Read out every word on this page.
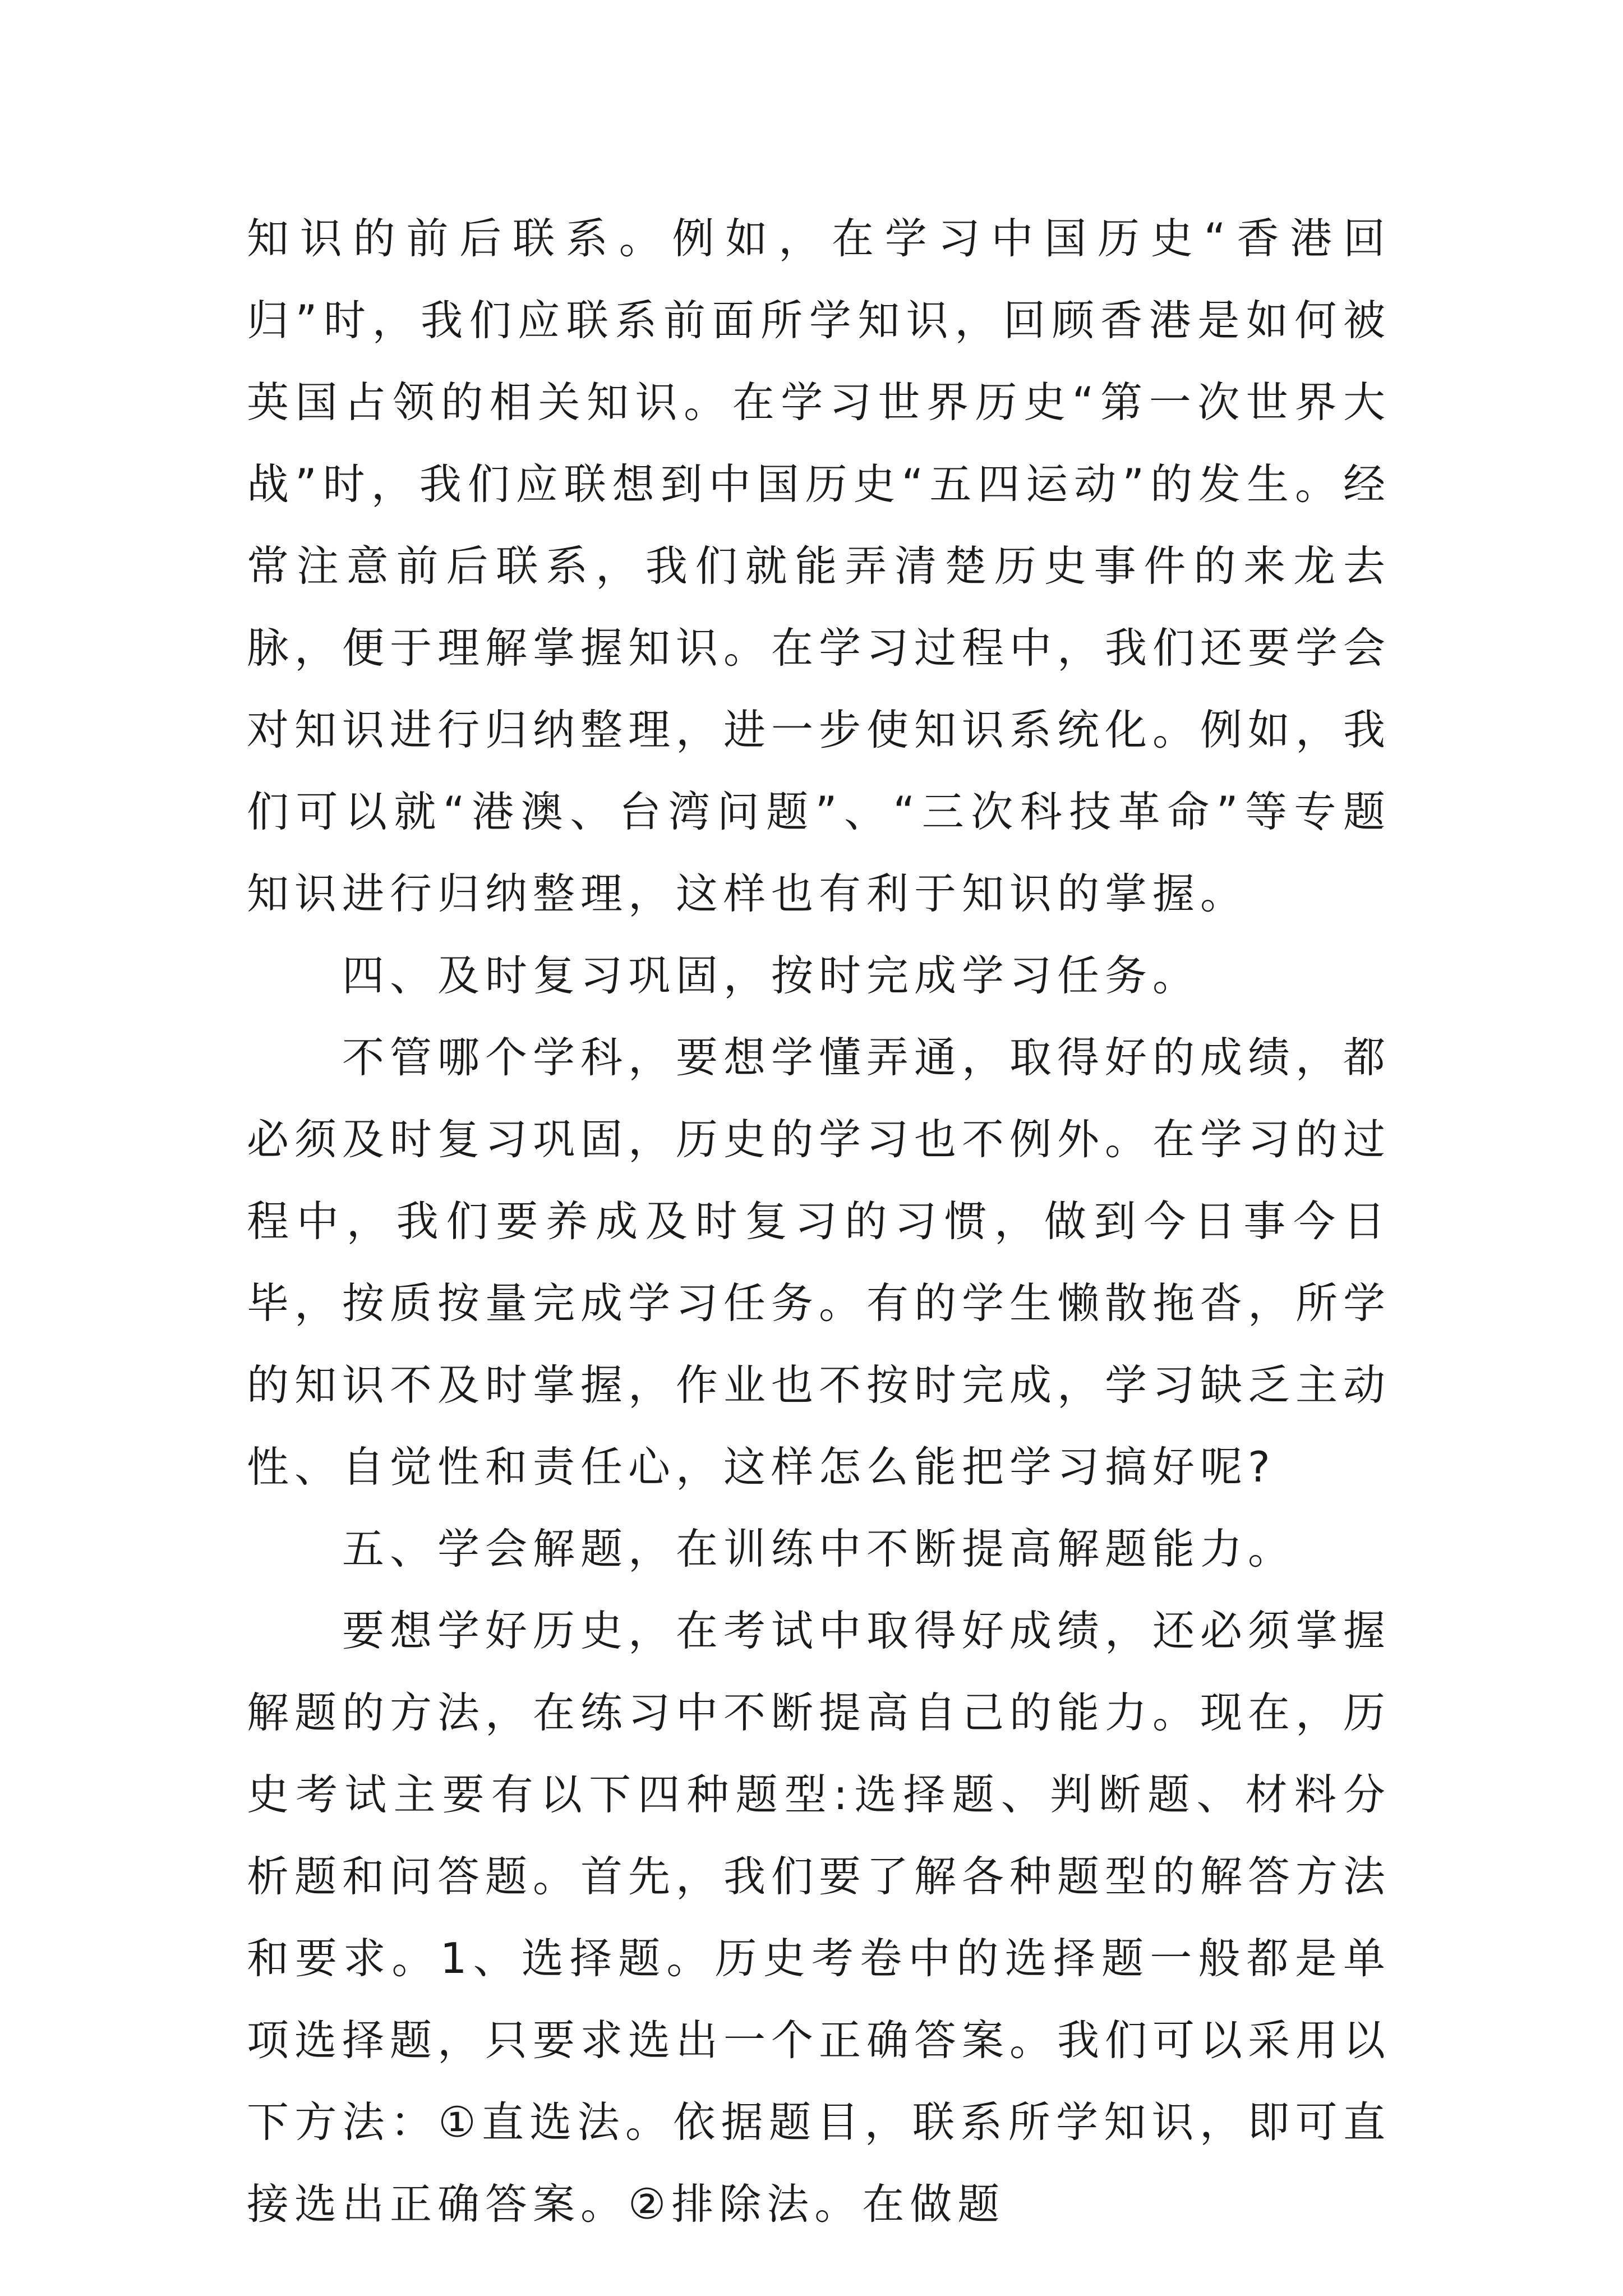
知识的前后联系。例如，在学习中国历史“香港回归”时，我们应联系前面所学知识，回顾香港是如何被英国占领的相关知识。在学习世界历史“第一次世界大战”时，我们应联想到中国历史“五四运动”的发生。经常注意前后联系，我们就能弄清楚历史事件的来龙去脉，便于理解掌握知识。在学习过程中，我们还要学会对知识进行归纳整理，进一步使知识系统化。例如，我们可以就“港澳、台湾问题”、“三次科技革命”等专题知识进行归纳整理，这样也有利于知识的掌握。

四、及时复习巩固，按时完成学习任务。

不管哪个学科，要想学懂弄通，取得好的成绩，都必须及时复习巩固，历史的学习也不例外。在学习的过程中，我们要养成及时复习的习惯，做到今日事今日毕，按质按量完成学习任务。有的学生懒散拖沓，所学的知识不及时掌握，作业也不按时完成，学习缺乏主动性、自觉性和责任心，这样怎么能把学习搞好呢?

五、学会解题，在训练中不断提高解题能力。

要想学好历史，在考试中取得好成绩，还必须掌握解题的方法，在练习中不断提高自己的能力。现在，历史考试主要有以下四种题型:选择题、判断题、材料分析题和问答题。首先，我们要了解各种题型的解答方法和要求。1、选择题。历史考卷中的选择题一般都是单项选择题，只要求选出一个正确答案。我们可以采用以下方法：①直选法。依据题目，联系所学知识，即可直接选出正确答案。②排除法。在做题
